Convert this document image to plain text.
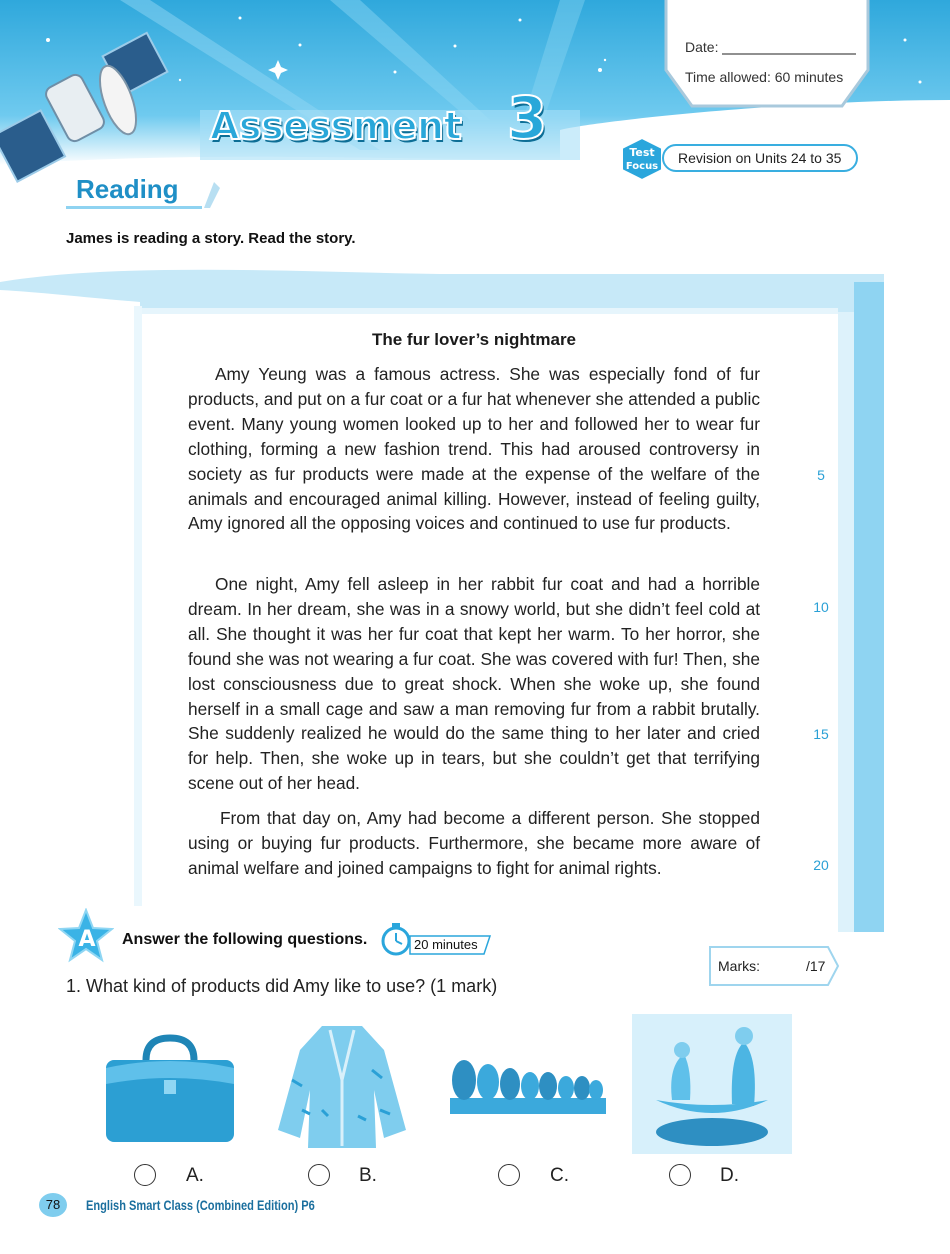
Date:
Time allowed: 60 minutes
Assessment 3
Test
Focus
Revision on Units 24 to 35
Reading
James is reading a story. Read the story.
The fur lover’s nightmare

Amy Yeung was a famous actress. She was especially fond of fur products, and put on a fur coat or a fur hat whenever she attended a public event. Many young women looked up to her and followed her to wear fur clothing, forming a new fashion trend. This had aroused controversy in society as fur products were made at the expense of the welfare of the animals and encouraged animal killing. However, instead of feeling guilty, Amy ignored all the opposing voices and continued to use fur products.

One night, Amy fell asleep in her rabbit fur coat and had a horrible dream. In her dream, she was in a snowy world, but she didn’t feel cold at all. She thought it was her fur coat that kept her warm. To her horror, she found she was not wearing a fur coat. She was covered with fur! Then, she lost consciousness due to great shock. When she woke up, she found herself in a small cage and saw a man removing fur from a rabbit brutally. She suddenly realized he would do the same thing to her later and cried for help. Then, she woke up in tears, but she couldn’t get that terrifying scene out of her head.

From that day on, Amy had become a different person. She stopped using or buying fur products. Furthermore, she became more aware of animal welfare and joined campaigns to fight for animal rights.

5
10
15
20
A Answer the following questions.	20 minutes
Marks:	/17
1. What kind of products did Amy like to use? (1 mark)
A.	B.	C.	D.
78	English Smart Class (Combined Edition) P6
